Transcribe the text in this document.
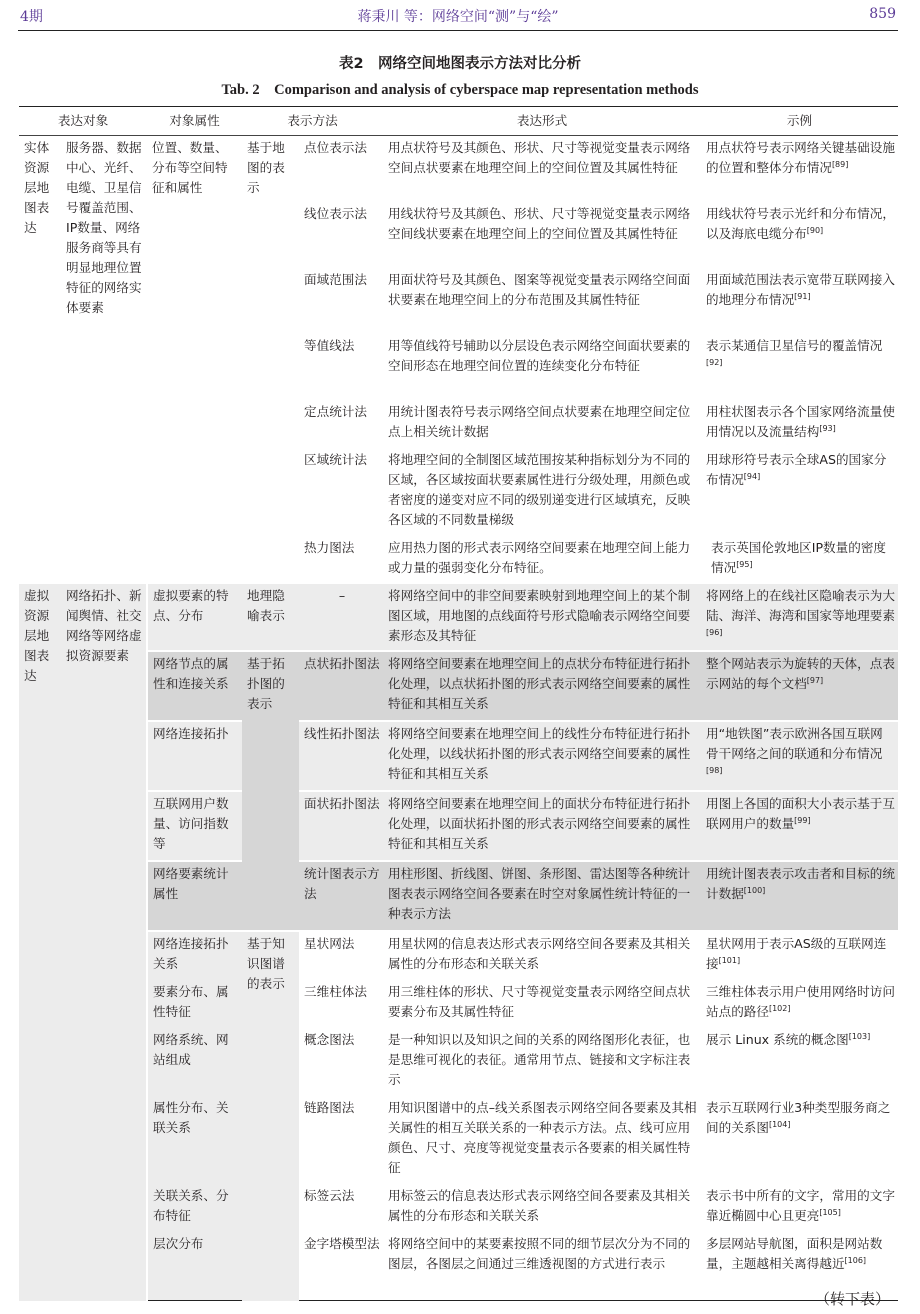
4期	蒋秉川 等：网络空间“测”与“绘”	859
表2　网络空间地图表示方法对比分析
Tab. 2　Comparison and analysis of cyberspace map representation methods
表达对象		对象属性	表示方法		表达形式	示例
实体资源层地图表达	服务器、数据中心、光纤、电缆、卫星信号覆盖范围、IP数量、网络服务商等具有明显地理位置特征的网络实体要素	位置、数量、分布等空间特征和属性	基于地图的表示	点位表示法	用点状符号及其颜色、形状、尺寸等视觉变量表示网络空间点状要素在地理空间上的空间位置及其属性特征	用点状符号表示网络关键基础设施的位置和整体分布情况[89]
				线位表示法	用线状符号及其颜色、形状、尺寸等视觉变量表示网络空间线状要素在地理空间上的空间位置及其属性特征	用线状符号表示光纤和分布情况，以及海底电缆分布[90]
				面域范围法	用面状符号及其颜色、图案等视觉变量表示网络空间面状要素在地理空间上的分布范围及其属性特征	用面域范围法表示宽带互联网接入的地理分布情况[91]
				等值线法	用等值线符号辅助以分层设色表示网络空间面状要素的空间形态在地理空间位置的连续变化分布特征	表示某通信卫星信号的覆盖情况[92]
				定点统计法	用统计图表符号表示网络空间点状要素在地理空间定位点上相关统计数据	用柱状图表示各个国家网络流量使用情况以及流量结构[93]
				区域统计法	将地理空间的全制图区域范围按某种指标划分为不同的区域，各区域按面状要素属性进行分级处理，用颜色或者密度的递变对应不同的级别递变进行区域填充，反映各区域的不同数量梯级	用球形符号表示全球AS的国家分布情况[94]
				热力图法	应用热力图的形式表示网络空间要素在地理空间上能力或力量的强弱变化分布特征。	表示英国伦敦地区IP数量的密度情况[95]
虚拟资源层地图表达	网络拓扑、新闻舆情、社交网络等网络虚拟资源要素	虚拟要素的特点、分布	地理隐喻表示	–	将网络空间中的非空间要素映射到地理空间上的某个制图区域，用地图的点线面符号形式隐喻表示网络空间要素形态及其特征	将网络上的在线社区隐喻表示为大陆、海洋、海湾和国家等地理要素[96]
		网络节点的属性和连接关系	基于拓扑图的表示	点状拓扑图法	将网络空间要素在地理空间上的点状分布特征进行拓扑化处理，以点状拓扑图的形式表示网络空间要素的属性特征和其相互关系	整个网站表示为旋转的天体，点表示网站的每个文档[97]
		网络连接拓扑		线性拓扑图法	将网络空间要素在地理空间上的线性分布特征进行拓扑化处理，以线状拓扑图的形式表示网络空间要素的属性特征和其相互关系	用“地铁图”表示欧洲各国互联网骨干网络之间的联通和分布情况[98]
		互联网用户数量、访问指数等		面状拓扑图法	将网络空间要素在地理空间上的面状分布特征进行拓扑化处理，以面状拓扑图的形式表示网络空间要素的属性特征和其相互关系	用图上各国的面积大小表示基于互联网用户的数量[99]
		网络要素统计属性		统计图表示方法	用柱形图、折线图、饼图、条形图、雷达图等各种统计图表表示网络空间各要素在时空对象属性统计特征的一种表示方法	用统计图表表示攻击者和目标的统计数据[100]
		网络连接拓扑关系	基于知识图谱的表示	星状网法	用星状网的信息表达形式表示网络空间各要素及其相关属性的分布形态和关联关系	星状网用于表示AS级的互联网连接[101]
		要素分布、属性特征		三维柱体法	用三维柱体的形状、尺寸等视觉变量表示网络空间点状要素分布及其属性特征	三维柱体表示用户使用网络时访问站点的路径[102]
		网络系统、网站组成		概念图法	是一种知识以及知识之间的关系的网络图形化表征，也是思维可视化的表征。通常用节点、链接和文字标注表示	展示 Linux 系统的概念图[103]
		属性分布、关联关系		链路图法	用知识图谱中的点–线关系图表示网络空间各要素及其相关属性的相互关联关系的一种表示方法。点、线可应用颜色、尺寸、亮度等视觉变量表示各要素的相关属性特征	表示互联网行业3种类型服务商之间的关系图[104]
		关联关系、分布特征		标签云法	用标签云的信息表达形式表示网络空间各要素及其相关属性的分布形态和关联关系	表示书中所有的文字，常用的文字靠近椭圆中心且更亮[105]
		层次分布		金字塔模型法	将网络空间中的某要素按照不同的细节层次分为不同的图层，各图层之间通过三维透视图的方式进行表示	多层网站导航图，面积是网站数量，主题越相关离得越近[106]
（转下表）
